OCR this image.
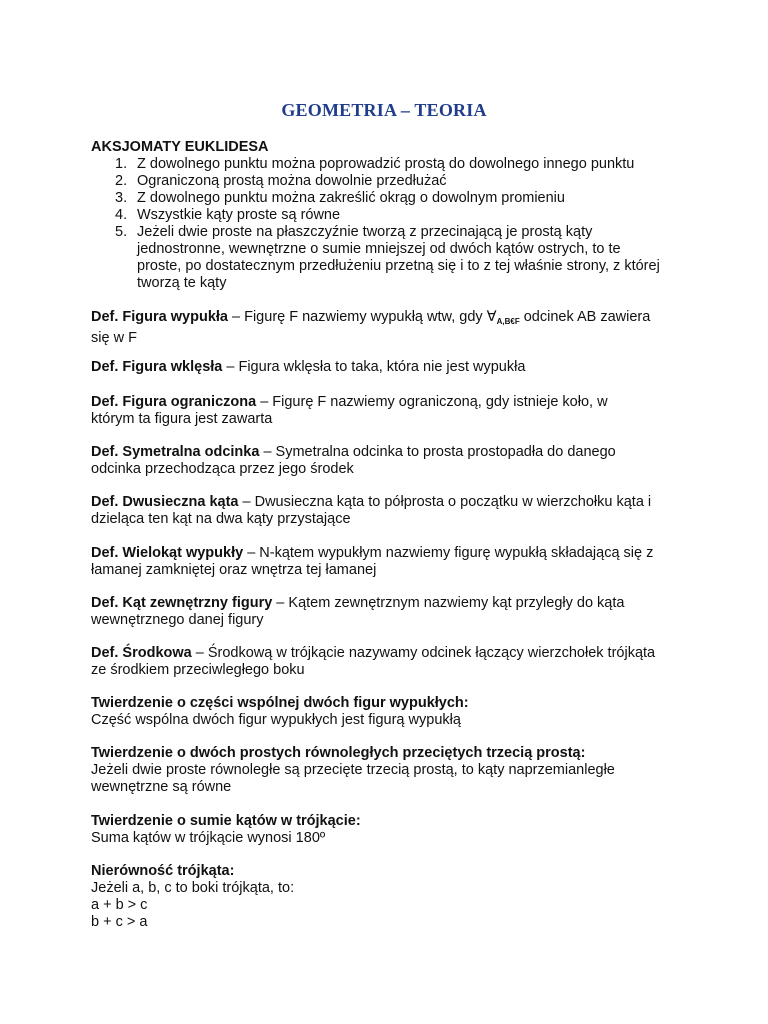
GEOMETRIA – TEORIA
AKSJOMATY EUKLIDESA
1. Z dowolnego punktu można poprowadzić prostą do dowolnego innego punktu
2. Ograniczoną prostą można dowolnie przedłużać
3. Z dowolnego punktu można zakreślić okrąg o dowolnym promieniu
4. Wszystkie kąty proste są równe
5. Jeżeli dwie proste na płaszczyźnie tworzą z przecinającą je prostą kąty jednostronne, wewnętrzne o sumie mniejszej od dwóch kątów ostrych, to te proste, po dostatecznym przedłużeniu przetną się i to z tej właśnie strony, z której tworzą te kąty
Def. Figura wypukła – Figurę F nazwiemy wypukłą wtw, gdy $\forall_{A,B€F}$ odcinek AB zawiera się w F
Def. Figura wklęsła – Figura wklęsła to taka, która nie jest wypukła
Def. Figura ograniczona – Figurę F nazwiemy ograniczoną, gdy istnieje koło, w którym ta figura jest zawarta
Def. Symetralna odcinka – Symetralna odcinka to prosta prostopadła do danego odcinka przechodząca przez jego środek
Def. Dwusieczna kąta – Dwusieczna kąta to półprosta o początku w wierzchołku kąta i dzieląca ten kąt na dwa kąty przystające
Def. Wielokąt wypukły – N-kątem wypukłym nazwiemy figurę wypukłą składającą się z łamanej zamkniętej oraz wnętrza tej łamanej
Def. Kąt zewnętrzny figury – Kątem zewnętrznym nazwiemy kąt przyległy do kąta wewnętrznego danej figury
Def. Środkowa – Środkową w trójkącie nazywamy odcinek łączący wierzchołek trójkąta ze środkiem przeciwległego boku
Twierdzenie o części wspólnej dwóch figur wypukłych:
Część wspólna dwóch figur wypukłych jest figurą wypukłą
Twierdzenie o dwóch prostych równoległych przeciętych trzecią prostą:
Jeżeli dwie proste równoległe są przecięte trzecią prostą, to kąty naprzemianległe wewnętrzne są równe
Twierdzenie o sumie kątów w trójkącie:
Suma kątów w trójkącie wynosi 180º
Nierówność trójkąta:
Jeżeli a, b, c to boki trójkąta, to:
a + b > c
b + c > a
